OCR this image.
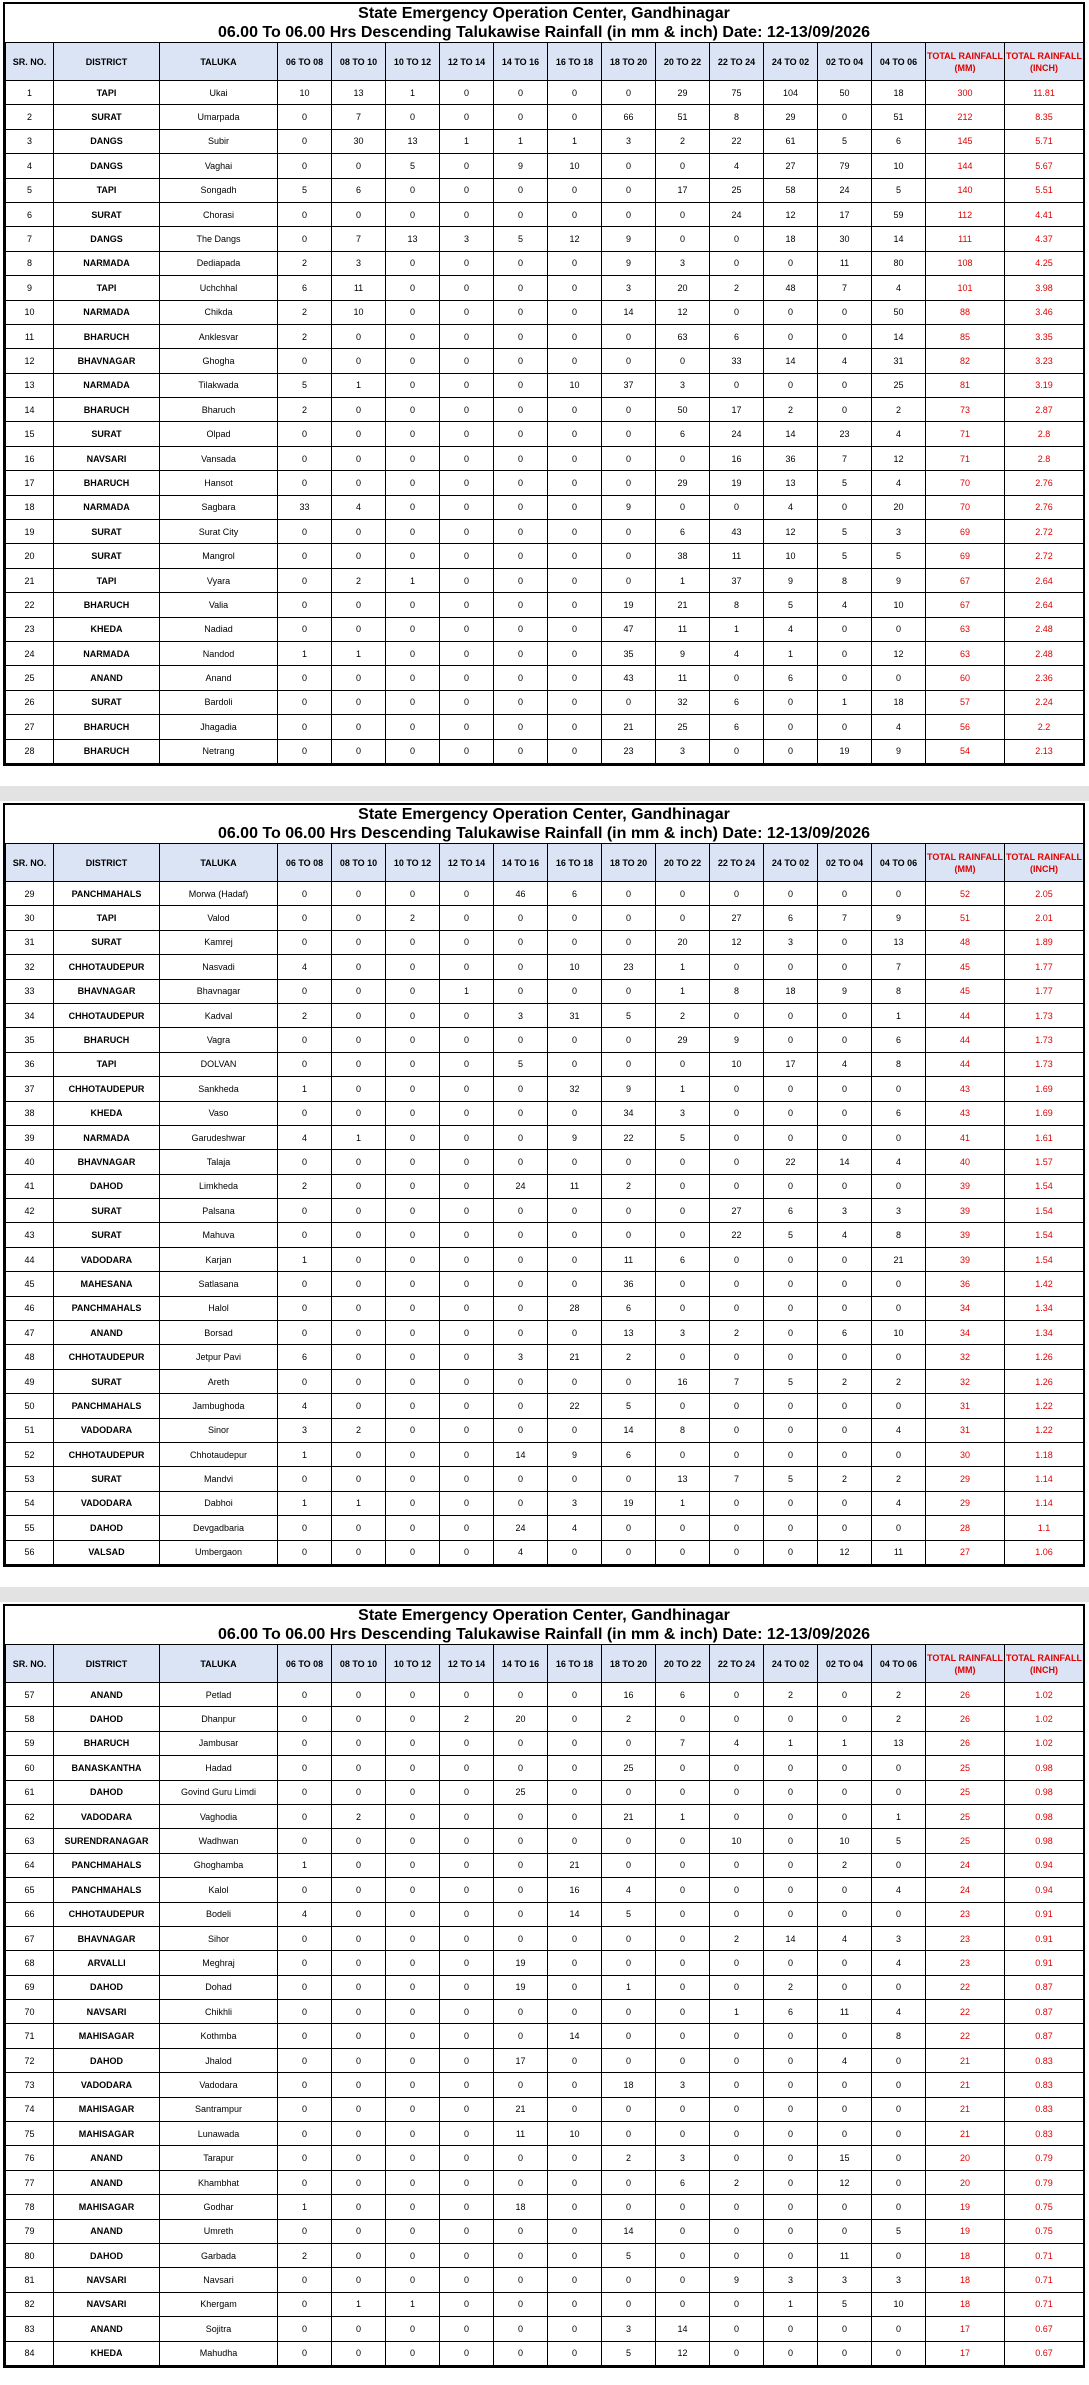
State Emergency Operation Center, Gandhinagar
06.00 To 06.00 Hrs Descending Talukawise Rainfall (in mm & inch) Date: 12-13/09/2026
SR. NO.	DISTRICT	TALUKA	06 TO 08	08 TO 10	10 TO 12	12 TO 14	14 TO 16	16 TO 18	18 TO 20	20 TO 22	22 TO 24	24 TO 02	02 TO 04	04 TO 06	TOTAL RAINFALL (MM)	TOTAL RAINFALL (INCH)
1	TAPI	Ukai	10	13	1	0	0	0	0	29	75	104	50	18	300	11.81
2	SURAT	Umarpada	0	7	0	0	0	0	66	51	8	29	0	51	212	8.35
3	DANGS	Subir	0	30	13	1	1	1	3	2	22	61	5	6	145	5.71
4	DANGS	Vaghai	0	0	5	0	9	10	0	0	4	27	79	10	144	5.67
5	TAPI	Songadh	5	6	0	0	0	0	0	17	25	58	24	5	140	5.51
6	SURAT	Chorasi	0	0	0	0	0	0	0	0	24	12	17	59	112	4.41
7	DANGS	The Dangs	0	7	13	3	5	12	9	0	0	18	30	14	111	4.37
8	NARMADA	Dediapada	2	3	0	0	0	0	9	3	0	0	11	80	108	4.25
9	TAPI	Uchchhal	6	11	0	0	0	0	3	20	2	48	7	4	101	3.98
10	NARMADA	Chikda	2	10	0	0	0	0	14	12	0	0	0	50	88	3.46
11	BHARUCH	Anklesvar	2	0	0	0	0	0	0	63	6	0	0	14	85	3.35
12	BHAVNAGAR	Ghogha	0	0	0	0	0	0	0	0	33	14	4	31	82	3.23
13	NARMADA	Tilakwada	5	1	0	0	0	10	37	3	0	0	0	25	81	3.19
14	BHARUCH	Bharuch	2	0	0	0	0	0	0	50	17	2	0	2	73	2.87
15	SURAT	Olpad	0	0	0	0	0	0	0	6	24	14	23	4	71	2.8
16	NAVSARI	Vansada	0	0	0	0	0	0	0	0	16	36	7	12	71	2.8
17	BHARUCH	Hansot	0	0	0	0	0	0	0	29	19	13	5	4	70	2.76
18	NARMADA	Sagbara	33	4	0	0	0	0	9	0	0	4	0	20	70	2.76
19	SURAT	Surat City	0	0	0	0	0	0	0	6	43	12	5	3	69	2.72
20	SURAT	Mangrol	0	0	0	0	0	0	0	38	11	10	5	5	69	2.72
21	TAPI	Vyara	0	2	1	0	0	0	0	1	37	9	8	9	67	2.64
22	BHARUCH	Valia	0	0	0	0	0	0	19	21	8	5	4	10	67	2.64
23	KHEDA	Nadiad	0	0	0	0	0	0	47	11	1	4	0	0	63	2.48
24	NARMADA	Nandod	1	1	0	0	0	0	35	9	4	1	0	12	63	2.48
25	ANAND	Anand	0	0	0	0	0	0	43	11	0	6	0	0	60	2.36
26	SURAT	Bardoli	0	0	0	0	0	0	0	32	6	0	1	18	57	2.24
27	BHARUCH	Jhagadia	0	0	0	0	0	0	21	25	6	0	0	4	56	2.2
28	BHARUCH	Netrang	0	0	0	0	0	0	23	3	0	0	19	9	54	2.13
State Emergency Operation Center, Gandhinagar
06.00 To 06.00 Hrs Descending Talukawise Rainfall (in mm & inch) Date: 12-13/09/2026
SR. NO.	DISTRICT	TALUKA	06 TO 08	08 TO 10	10 TO 12	12 TO 14	14 TO 16	16 TO 18	18 TO 20	20 TO 22	22 TO 24	24 TO 02	02 TO 04	04 TO 06	TOTAL RAINFALL (MM)	TOTAL RAINFALL (INCH)
29	PANCHMAHALS	Morwa (Hadaf)	0	0	0	0	46	6	0	0	0	0	0	0	52	2.05
30	TAPI	Valod	0	0	2	0	0	0	0	0	27	6	7	9	51	2.01
31	SURAT	Kamrej	0	0	0	0	0	0	0	20	12	3	0	13	48	1.89
32	CHHOTAUDEPUR	Nasvadi	4	0	0	0	0	10	23	1	0	0	0	7	45	1.77
33	BHAVNAGAR	Bhavnagar	0	0	0	1	0	0	0	1	8	18	9	8	45	1.77
34	CHHOTAUDEPUR	Kadval	2	0	0	0	3	31	5	2	0	0	0	1	44	1.73
35	BHARUCH	Vagra	0	0	0	0	0	0	0	29	9	0	0	6	44	1.73
36	TAPI	DOLVAN	0	0	0	0	5	0	0	0	10	17	4	8	44	1.73
37	CHHOTAUDEPUR	Sankheda	1	0	0	0	0	32	9	1	0	0	0	0	43	1.69
38	KHEDA	Vaso	0	0	0	0	0	0	34	3	0	0	0	6	43	1.69
39	NARMADA	Garudeshwar	4	1	0	0	0	9	22	5	0	0	0	0	41	1.61
40	BHAVNAGAR	Talaja	0	0	0	0	0	0	0	0	0	22	14	4	40	1.57
41	DAHOD	Limkheda	2	0	0	0	24	11	2	0	0	0	0	0	39	1.54
42	SURAT	Palsana	0	0	0	0	0	0	0	0	27	6	3	3	39	1.54
43	SURAT	Mahuva	0	0	0	0	0	0	0	0	22	5	4	8	39	1.54
44	VADODARA	Karjan	1	0	0	0	0	0	11	6	0	0	0	21	39	1.54
45	MAHESANA	Satlasana	0	0	0	0	0	0	36	0	0	0	0	0	36	1.42
46	PANCHMAHALS	Halol	0	0	0	0	0	28	6	0	0	0	0	0	34	1.34
47	ANAND	Borsad	0	0	0	0	0	0	13	3	2	0	6	10	34	1.34
48	CHHOTAUDEPUR	Jetpur Pavi	6	0	0	0	3	21	2	0	0	0	0	0	32	1.26
49	SURAT	Areth	0	0	0	0	0	0	0	16	7	5	2	2	32	1.26
50	PANCHMAHALS	Jambughoda	4	0	0	0	0	22	5	0	0	0	0	0	31	1.22
51	VADODARA	Sinor	3	2	0	0	0	0	14	8	0	0	0	4	31	1.22
52	CHHOTAUDEPUR	Chhotaudepur	1	0	0	0	14	9	6	0	0	0	0	0	30	1.18
53	SURAT	Mandvi	0	0	0	0	0	0	0	13	7	5	2	2	29	1.14
54	VADODARA	Dabhoi	1	1	0	0	0	3	19	1	0	0	0	4	29	1.14
55	DAHOD	Devgadbaria	0	0	0	0	24	4	0	0	0	0	0	0	28	1.1
56	VALSAD	Umbergaon	0	0	0	0	4	0	0	0	0	0	12	11	27	1.06
State Emergency Operation Center, Gandhinagar
06.00 To 06.00 Hrs Descending Talukawise Rainfall (in mm & inch) Date: 12-13/09/2026
SR. NO.	DISTRICT	TALUKA	06 TO 08	08 TO 10	10 TO 12	12 TO 14	14 TO 16	16 TO 18	18 TO 20	20 TO 22	22 TO 24	24 TO 02	02 TO 04	04 TO 06	TOTAL RAINFALL (MM)	TOTAL RAINFALL (INCH)
57	ANAND	Petlad	0	0	0	0	0	0	16	6	0	2	0	2	26	1.02
58	DAHOD	Dhanpur	0	0	0	2	20	0	2	0	0	0	0	2	26	1.02
59	BHARUCH	Jambusar	0	0	0	0	0	0	0	7	4	1	1	13	26	1.02
60	BANASKANTHA	Hadad	0	0	0	0	0	0	25	0	0	0	0	0	25	0.98
61	DAHOD	Govind Guru Limdi	0	0	0	0	25	0	0	0	0	0	0	0	25	0.98
62	VADODARA	Vaghodia	0	2	0	0	0	0	21	1	0	0	0	1	25	0.98
63	SURENDRANAGAR	Wadhwan	0	0	0	0	0	0	0	0	10	0	10	5	25	0.98
64	PANCHMAHALS	Ghoghamba	1	0	0	0	0	21	0	0	0	0	2	0	24	0.94
65	PANCHMAHALS	Kalol	0	0	0	0	0	16	4	0	0	0	0	4	24	0.94
66	CHHOTAUDEPUR	Bodeli	4	0	0	0	0	14	5	0	0	0	0	0	23	0.91
67	BHAVNAGAR	Sihor	0	0	0	0	0	0	0	0	2	14	4	3	23	0.91
68	ARVALLI	Meghraj	0	0	0	0	19	0	0	0	0	0	0	4	23	0.91
69	DAHOD	Dohad	0	0	0	0	19	0	1	0	0	2	0	0	22	0.87
70	NAVSARI	Chikhli	0	0	0	0	0	0	0	0	1	6	11	4	22	0.87
71	MAHISAGAR	Kothmba	0	0	0	0	0	14	0	0	0	0	0	8	22	0.87
72	DAHOD	Jhalod	0	0	0	0	17	0	0	0	0	0	4	0	21	0.83
73	VADODARA	Vadodara	0	0	0	0	0	0	18	3	0	0	0	0	21	0.83
74	MAHISAGAR	Santrampur	0	0	0	0	21	0	0	0	0	0	0	0	21	0.83
75	MAHISAGAR	Lunawada	0	0	0	0	11	10	0	0	0	0	0	0	21	0.83
76	ANAND	Tarapur	0	0	0	0	0	0	2	3	0	0	15	0	20	0.79
77	ANAND	Khambhat	0	0	0	0	0	0	0	6	2	0	12	0	20	0.79
78	MAHISAGAR	Godhar	1	0	0	0	18	0	0	0	0	0	0	0	19	0.75
79	ANAND	Umreth	0	0	0	0	0	0	14	0	0	0	0	5	19	0.75
80	DAHOD	Garbada	2	0	0	0	0	0	5	0	0	0	11	0	18	0.71
81	NAVSARI	Navsari	0	0	0	0	0	0	0	0	9	3	3	3	18	0.71
82	NAVSARI	Khergam	0	1	1	0	0	0	0	0	0	1	5	10	18	0.71
83	ANAND	Sojitra	0	0	0	0	0	0	3	14	0	0	0	0	17	0.67
84	KHEDA	Mahudha	0	0	0	0	0	0	5	12	0	0	0	0	17	0.67
